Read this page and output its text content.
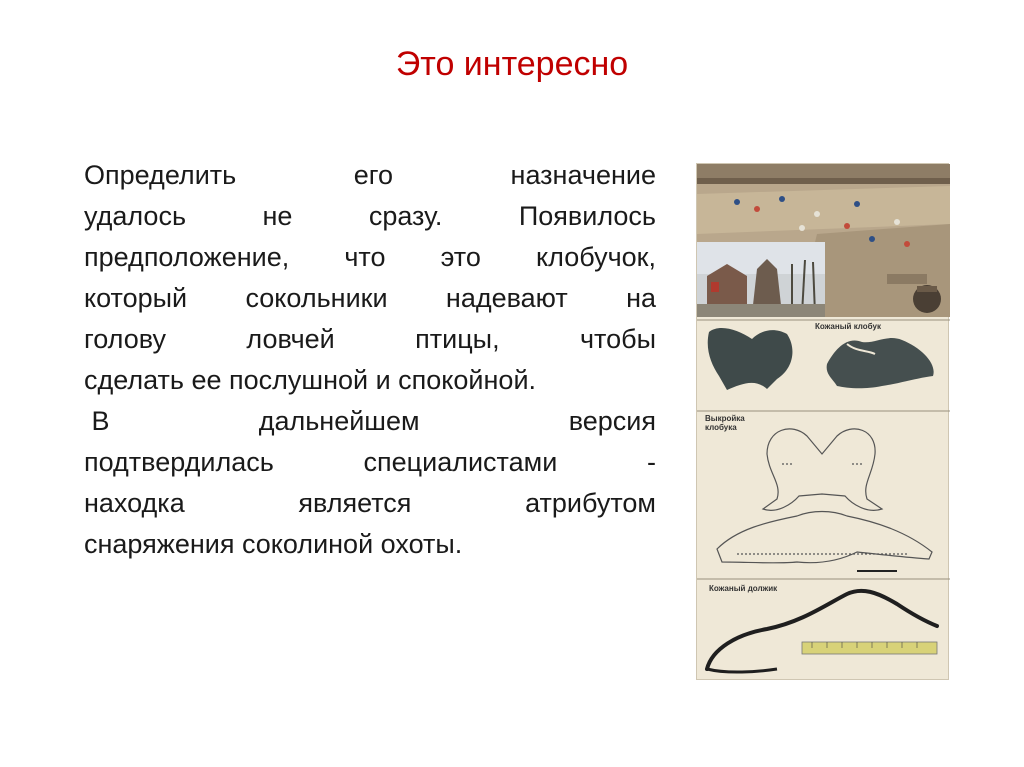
Это интересно
Определить	его	назначение
удалось	не	сразу.	Появилось
предположение, что это клобучок,
который сокольники надевают на
голову	ловчей	птицы,	чтобы
сделать ее послушной и спокойной.
В	дальнейшем	версия
подтвердилась	специалистами	-
находка	является	атрибутом
снаряжения соколиной охоты.
Кожаный клобук
Выкройка клобука
Кожаный должик
